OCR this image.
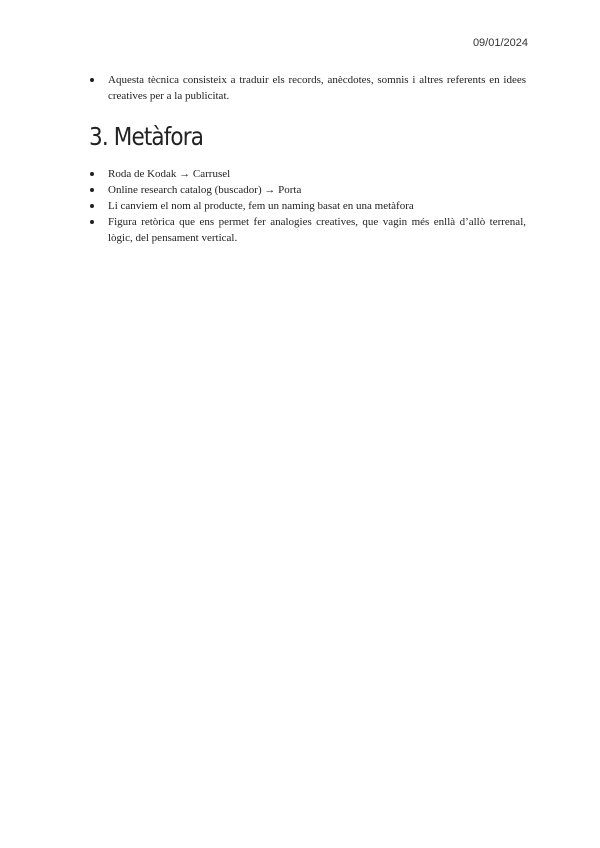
09/01/2024
Aquesta tècnica consisteix a traduir els records, anècdotes, somnis i altres referents en idees creatives per a la publicitat.
3. Metàfora
Roda de Kodak → Carrusel
Online research catalog (buscador) → Porta
Li canviem el nom al producte, fem un naming basat en una metàfora
Figura retòrica que ens permet fer analogies creatives, que vagin més enllà d’allò terrenal, lògic, del pensament vertical.
